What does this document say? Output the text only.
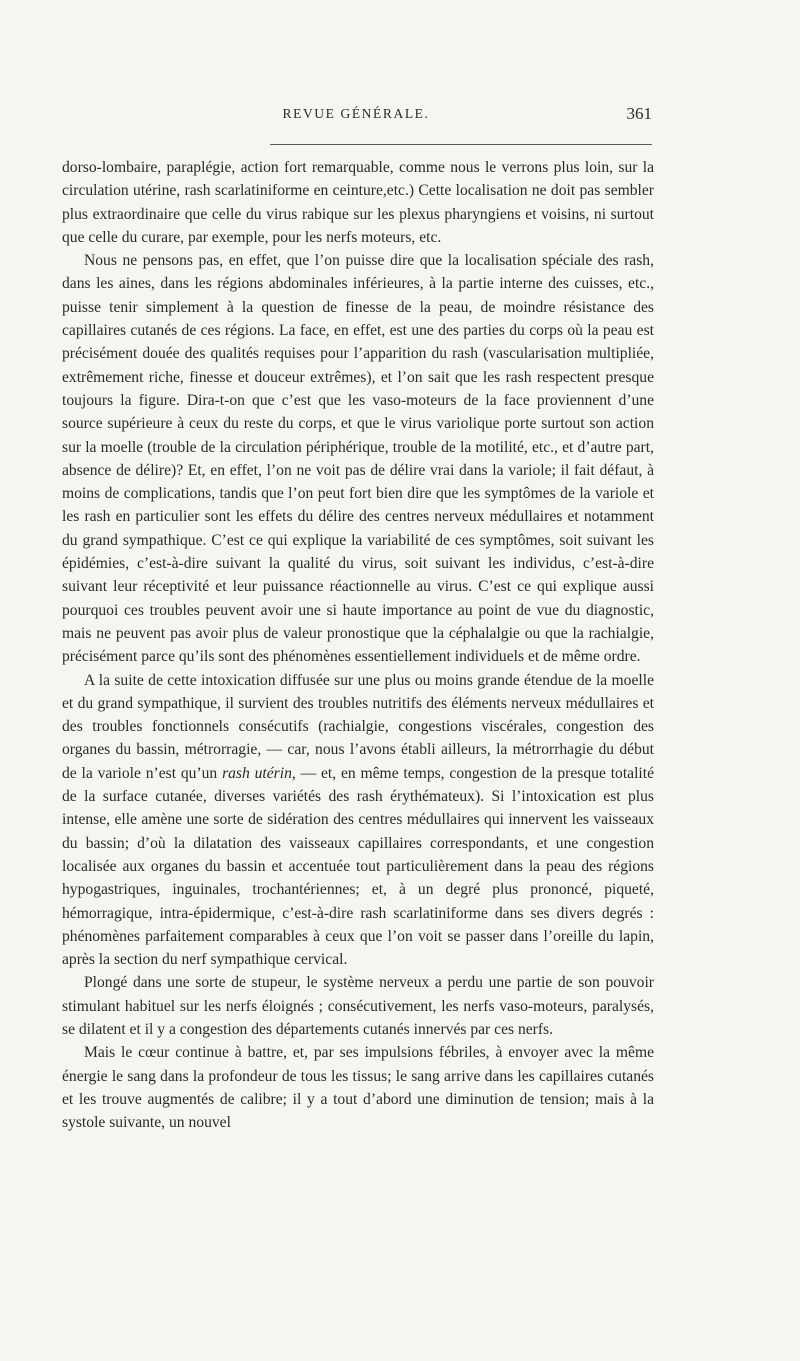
REVUE GÉNÉRALE.	361

dorso-lombaire, paraplégie, action fort remarquable, comme nous le verrons plus loin, sur la circulation utérine, rash scarlatiniforme en ceinture,etc.) Cette localisation ne doit pas sembler plus extraordinaire que celle du virus rabique sur les plexus pharyngiens et voisins, ni surtout que celle du curare, par exemple, pour les nerfs moteurs, etc.

Nous ne pensons pas, en effet, que l’on puisse dire que la localisation spéciale des rash, dans les aines, dans les régions abdominales inférieures, à la partie interne des cuisses, etc., puisse tenir simplement à la question de finesse de la peau, de moindre résistance des capillaires cutanés de ces régions. La face, en effet, est une des parties du corps où la peau est précisément douée des qualités requises pour l’apparition du rash (vascularisation multipliée, extrêmement riche, finesse et douceur extrêmes), et l’on sait que les rash respectent presque toujours la figure. Dira-t-on que c’est que les vaso-moteurs de la face proviennent d’une source supérieure à ceux du reste du corps, et que le virus variolique porte surtout son action sur la moelle (trouble de la circulation périphérique, trouble de la motilité, etc., et d’autre part, absence de délire)? Et, en effet, l’on ne voit pas de délire vrai dans la variole; il fait défaut, à moins de complications, tandis que l’on peut fort bien dire que les symptômes de la variole et les rash en particulier sont les effets du délire des centres nerveux médullaires et notamment du grand sympathique. C’est ce qui explique la variabilité de ces symptômes, soit suivant les épidémies, c’est-à-dire suivant la qualité du virus, soit suivant les individus, c’est-à-dire suivant leur réceptivité et leur puissance réactionnelle au virus. C’est ce qui explique aussi pourquoi ces troubles peuvent avoir une si haute importance au point de vue du diagnostic, mais ne peuvent pas avoir plus de valeur pronostique que la céphalalgie ou que la rachialgie, précisément parce qu’ils sont des phénomènes essentiellement individuels et de même ordre.

A la suite de cette intoxication diffusée sur une plus ou moins grande étendue de la moelle et du grand sympathique, il survient des troubles nutritifs des éléments nerveux médullaires et des troubles fonctionnels consécutifs (rachialgie, congestions viscérales, congestion des organes du bassin, métrorragie, — car, nous l’avons établi ailleurs, la métrorrhagie du début de la variole n’est qu’un rash utérin, — et, en même temps, congestion de la presque totalité de la surface cutanée, diverses variétés des rash érythémateux). Si l’intoxication est plus intense, elle amène une sorte de sidération des centres médullaires qui innervent les vaisseaux du bassin; d’où la dilatation des vaisseaux capillaires correspondants, et une congestion localisée aux organes du bassin et accentuée tout particulièrement dans la peau des régions hypogastriques, inguinales, trochantériennes; et, à un degré plus prononcé, piqueté, hémorragique, intra-épidermique, c’est-à-dire rash scarlatiniforme dans ses divers degrés : phénomènes parfaitement comparables à ceux que l’on voit se passer dans l’oreille du lapin, après la section du nerf sympathique cervical.

Plongé dans une sorte de stupeur, le système nerveux a perdu une partie de son pouvoir stimulant habituel sur les nerfs éloignés ; consécutivement, les nerfs vaso-moteurs, paralysés, se dilatent et il y a congestion des départements cutanés innervés par ces nerfs.

Mais le cœur continue à battre, et, par ses impulsions fébriles, à envoyer avec la même énergie le sang dans la profondeur de tous les tissus; le sang arrive dans les capillaires cutanés et les trouve augmentés de calibre; il y a tout d’abord une diminution de tension; mais à la systole suivante, un nouvel
